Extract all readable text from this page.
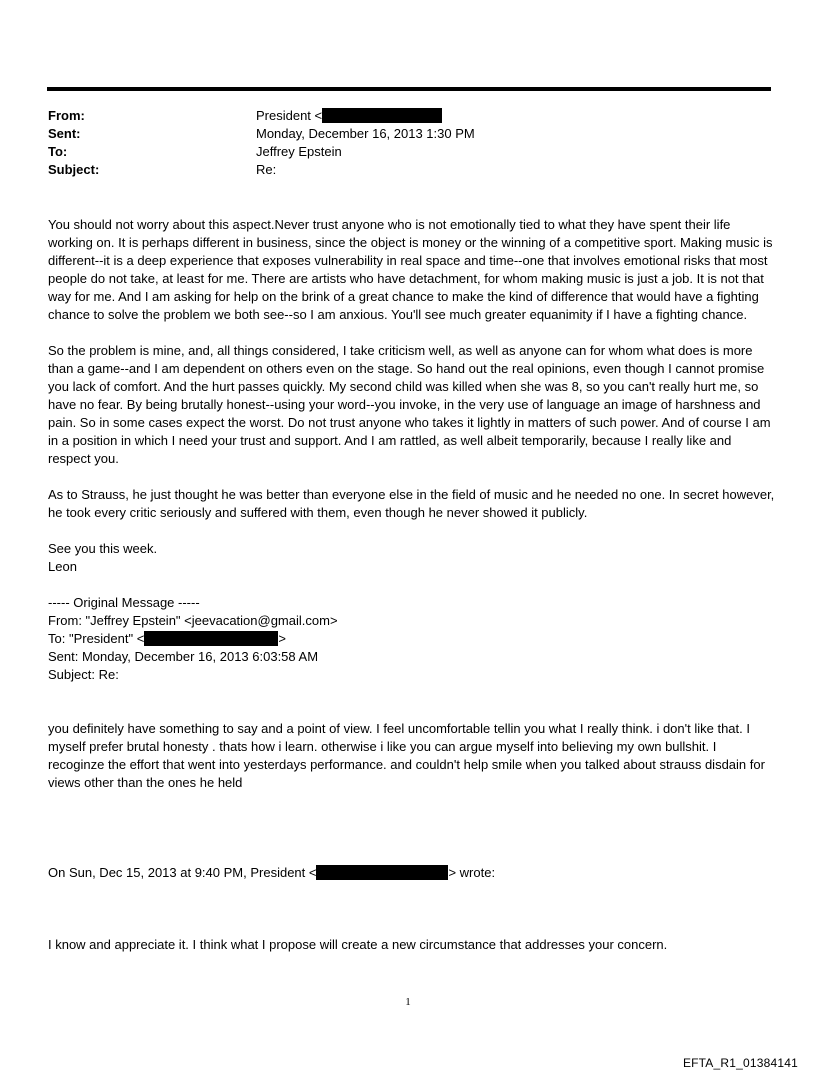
From:	President <
Sent:	Monday, December 16, 2013 1:30 PM
To:	Jeffrey Epstein
Subject:	Re:

You should not worry about this aspect.Never trust anyone who is not emotionally tied to what they have spent their life working on. It is perhaps different in business, since the object is money or the winning of a competitive sport. Making music is different--it is a deep experience that exposes vulnerability in real space and time--one that involves emotional risks that most people do not take, at least for me. There are artists who have detachment, for whom making music is just a job. It is not that way for me. And I am asking for help on the brink of a great chance to make the kind of difference that would have a fighting chance to solve the problem we both see--so I am anxious. You'll see much greater equanimity if I have a fighting chance.

So the problem is mine, and, all things considered, I take criticism well, as well as anyone can for whom what does is more than a game--and I am dependent on others even on the stage. So hand out the real opinions, even though I cannot promise you lack of comfort. And the hurt passes quickly. My second child was killed when she was 8, so you can't really hurt me, so have no fear. By being brutally honest--using your word--you invoke, in the very use of language an image of harshness and pain. So in some cases expect the worst. Do not trust anyone who takes it lightly in matters of such power. And of course I am in a position in which I need your trust and support. And I am rattled, as well albeit temporarily, because I really like and respect you.

As to Strauss, he just thought he was better than everyone else in the field of music and he needed no one. In secret however, he took every critic seriously and suffered with them, even though he never showed it publicly.

See you this week.
Leon

----- Original Message -----
From: "Jeffrey Epstein" <jeevacation@gmail.com>
To: "President" <	>
Sent: Monday, December 16, 2013 6:03:58 AM
Subject: Re:

you definitely have something to say and a point of view. I feel uncomfortable tellin you what I really think. i don't like that. I myself prefer brutal honesty . thats how i learn. otherwise i like you can argue myself into believing my own bullshit. I recoginze the effort that went into yesterdays performance. and couldn't help smile when you talked about strauss disdain for views other than the ones he held

On Sun, Dec 15, 2013 at 9:40 PM, President <	> wrote:

I know and appreciate it. I think what I propose will create a new circumstance that addresses your concern.

1
EFTA_R1_01384141
